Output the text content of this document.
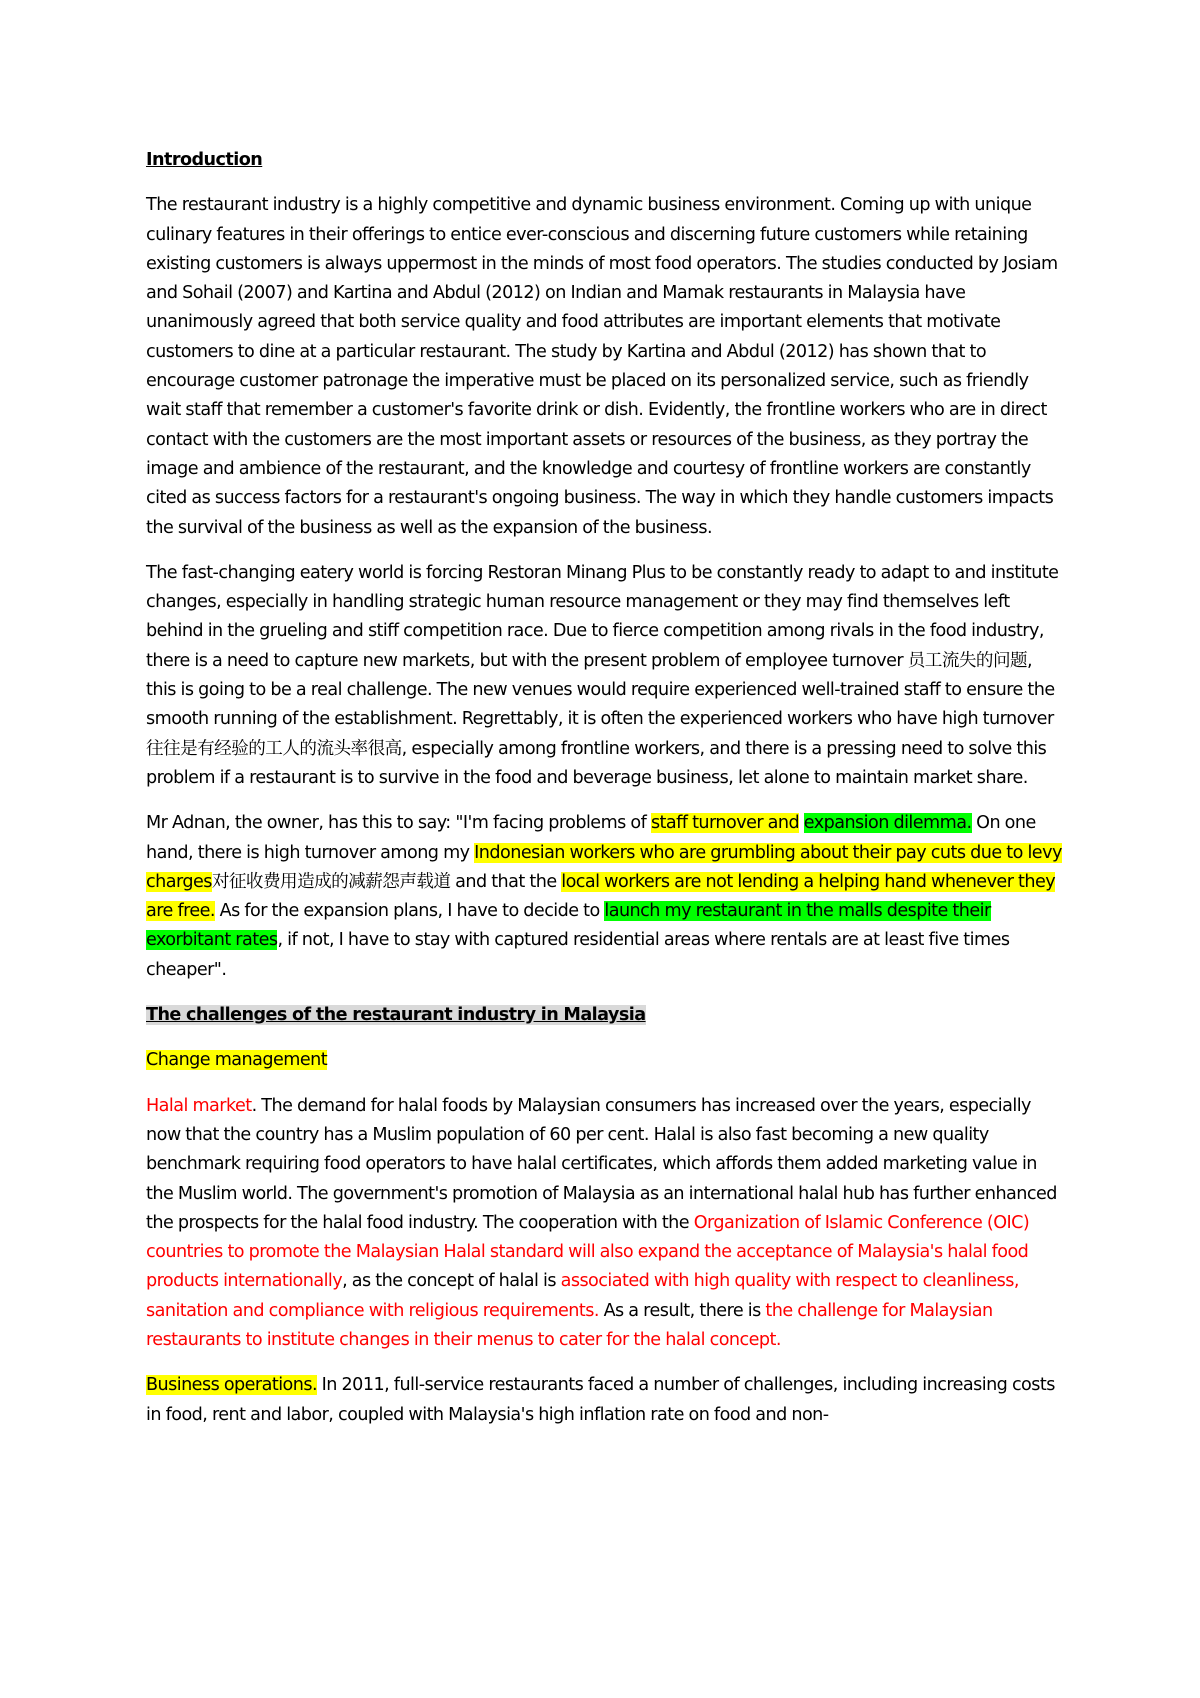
Introduction

The restaurant industry is a highly competitive and dynamic business environment. Coming up with unique culinary features in their offerings to entice ever-conscious and discerning future customers while retaining existing customers is always uppermost in the minds of most food operators. The studies conducted by Josiam and Sohail (2007) and Kartina and Abdul (2012) on Indian and Mamak restaurants in Malaysia have unanimously agreed that both service quality and food attributes are important elements that motivate customers to dine at a particular restaurant. The study by Kartina and Abdul (2012) has shown that to encourage customer patronage the imperative must be placed on its personalized service, such as friendly wait staff that remember a customer's favorite drink or dish. Evidently, the frontline workers who are in direct contact with the customers are the most important assets or resources of the business, as they portray the image and ambience of the restaurant, and the knowledge and courtesy of frontline workers are constantly cited as success factors for a restaurant's ongoing business. The way in which they handle customers impacts the survival of the business as well as the expansion of the business.

The fast-changing eatery world is forcing Restoran Minang Plus to be constantly ready to adapt to and institute changes, especially in handling strategic human resource management or they may find themselves left behind in the grueling and stiff competition race. Due to fierce competition among rivals in the food industry, there is a need to capture new markets, but with the present problem of employee turnover 员工流失的问题, this is going to be a real challenge. The new venues would require experienced well-trained staff to ensure the smooth running of the establishment. Regrettably, it is often the experienced workers who have high turnover 往往是有经验的工人的流头率很高, especially among frontline workers, and there is a pressing need to solve this problem if a restaurant is to survive in the food and beverage business, let alone to maintain market share.

Mr Adnan, the owner, has this to say: "I'm facing problems of staff turnover and expansion dilemma. On one hand, there is high turnover among my Indonesian workers who are grumbling about their pay cuts due to levy charges对征收费用造成的减薪怨声载道 and that the local workers are not lending a helping hand whenever they are free. As for the expansion plans, I have to decide to launch my restaurant in the malls despite their exorbitant rates, if not, I have to stay with captured residential areas where rentals are at least five times cheaper".

The challenges of the restaurant industry in Malaysia

Change management

Halal market. The demand for halal foods by Malaysian consumers has increased over the years, especially now that the country has a Muslim population of 60 per cent. Halal is also fast becoming a new quality benchmark requiring food operators to have halal certificates, which affords them added marketing value in the Muslim world. The government's promotion of Malaysia as an international halal hub has further enhanced the prospects for the halal food industry. The cooperation with the Organization of Islamic Conference (OIC) countries to promote the Malaysian Halal standard will also expand the acceptance of Malaysia's halal food products internationally, as the concept of halal is associated with high quality with respect to cleanliness, sanitation and compliance with religious requirements. As a result, there is the challenge for Malaysian restaurants to institute changes in their menus to cater for the halal concept.

Business operations. In 2011, full-service restaurants faced a number of challenges, including increasing costs in food, rent and labor, coupled with Malaysia's high inflation rate on food and non-
